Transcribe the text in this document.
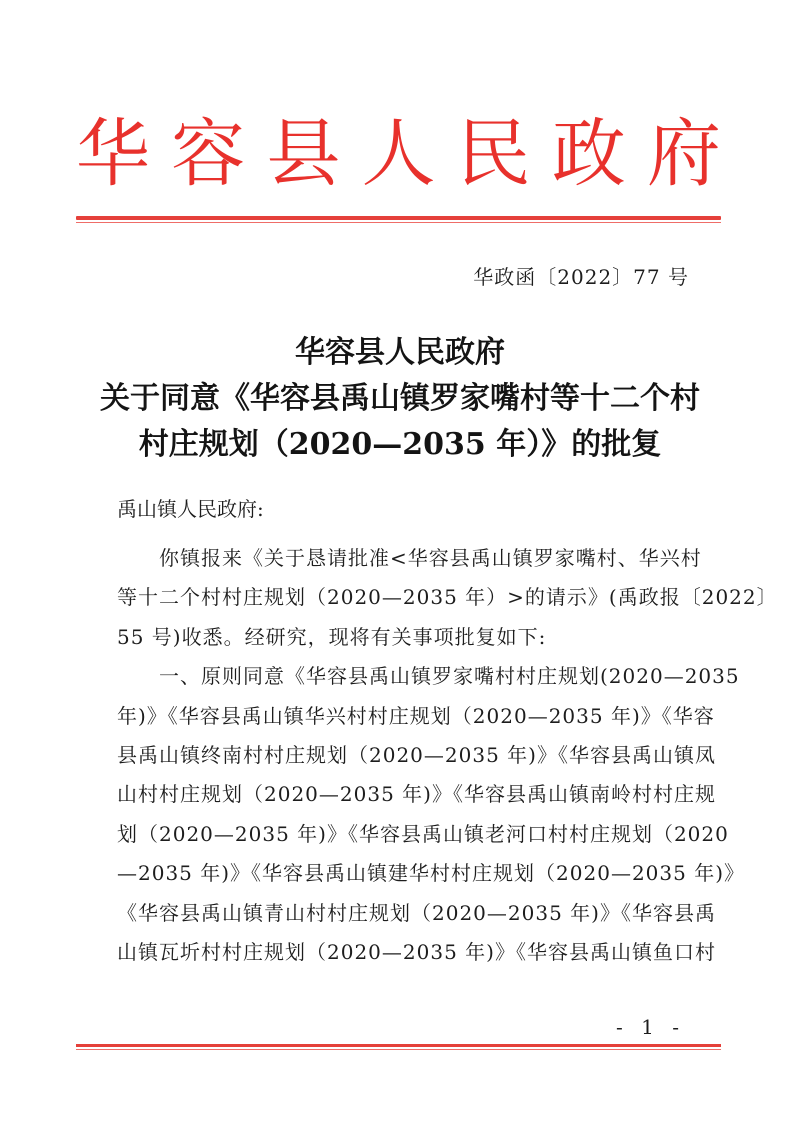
华 容 县 人 民 政 府
华政函〔2022〕77 号
华容县人民政府
关于同意《华容县禹山镇罗家嘴村等十二个村
村庄规划（2020—2035 年）》的批复
禹山镇人民政府:
　　你镇报来《关于恳请批准<华容县禹山镇罗家嘴村、华兴村
等十二个村村庄规划（2020—2035 年）>的请示》(禹政报〔2022〕
55 号)收悉。经研究，现将有关事项批复如下:
　　一、原则同意《华容县禹山镇罗家嘴村村庄规划(2020—2035
年)》《华容县禹山镇华兴村村庄规划（2020—2035 年)》《华容
县禹山镇终南村村庄规划（2020—2035 年)》《华容县禹山镇凤
山村村庄规划（2020—2035 年)》《华容县禹山镇南岭村村庄规
划（2020—2035 年)》《华容县禹山镇老河口村村庄规划（2020
—2035 年)》《华容县禹山镇建华村村庄规划（2020—2035 年)》
《华容县禹山镇青山村村庄规划（2020—2035 年)》《华容县禹
山镇瓦圻村村庄规划（2020—2035 年)》《华容县禹山镇鱼口村
- 1 -
